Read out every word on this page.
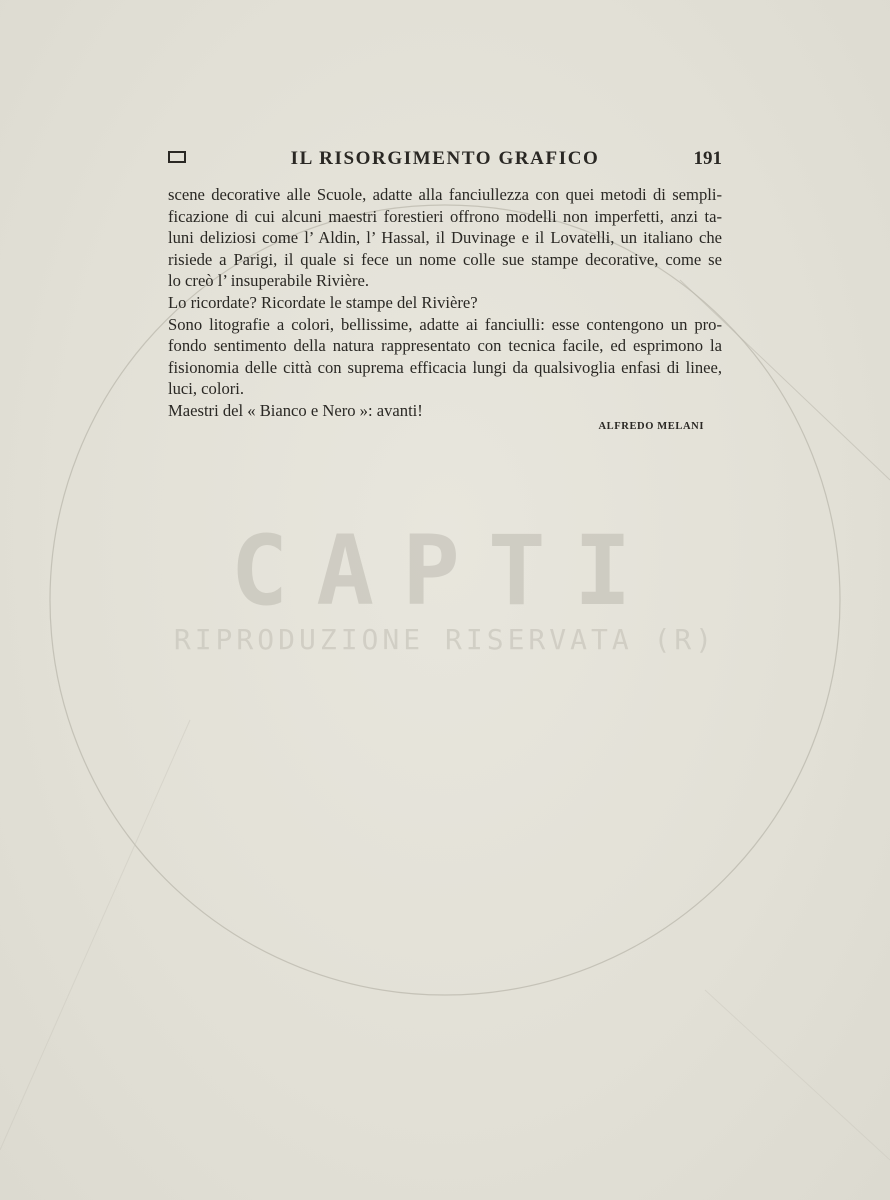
CAPTI
RIPRODUZIONE RISERVATA (R)
IL RISORGIMENTO GRAFICO	191
scene decorative alle Scuole, adatte alla fanciullezza con quei metodi di sempli-
ficazione di cui alcuni maestri forestieri offrono modelli non imperfetti, anzi ta-
luni deliziosi come l’ Aldin, l’ Hassal, il Duvinage e il Lovatelli, un italiano che
risiede a Parigi, il quale si fece un nome colle sue stampe decorative, come se
lo creò l’ insuperabile Rivière.
Lo ricordate? Ricordate le stampe del Rivière?
Sono litografie a colori, bellissime, adatte ai fanciulli: esse contengono un pro-
fondo sentimento della natura rappresentato con tecnica facile, ed esprimono la
fisionomia delle città con suprema efficacia lungi da qualsivoglia enfasi di linee,
luci, colori.
Maestri del « Bianco e Nero »: avanti!
ALFREDO MELANI
